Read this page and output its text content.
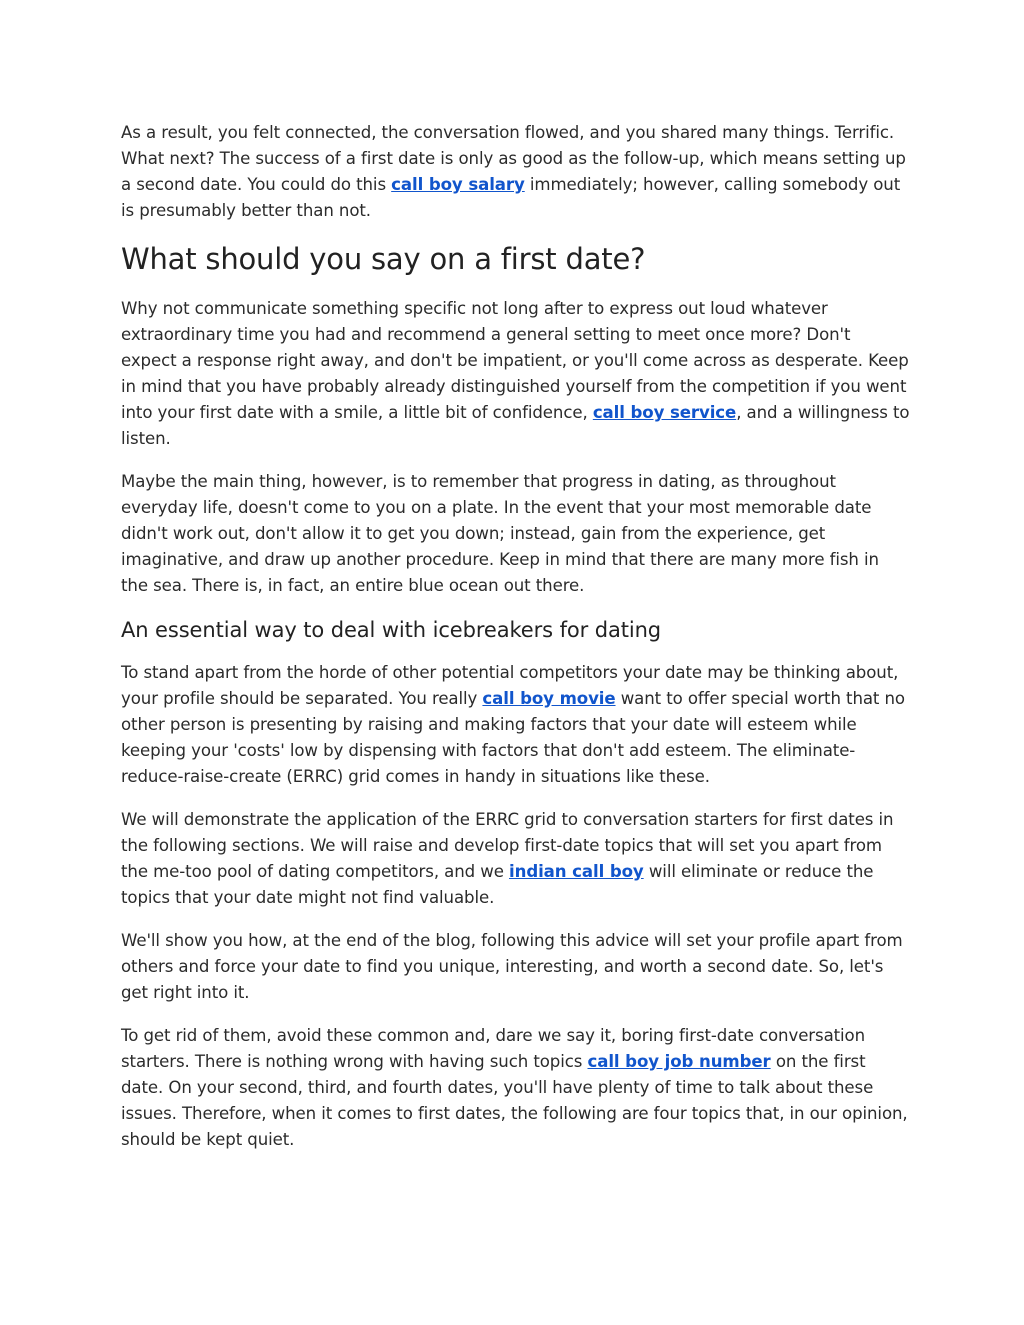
As a result, you felt connected, the conversation flowed, and you shared many things. Terrific. What next? The success of a first date is only as good as the follow-up, which means setting up a second date. You could do this call boy salary immediately; however, calling somebody out is presumably better than not.

What should you say on a first date?

Why not communicate something specific not long after to express out loud whatever extraordinary time you had and recommend a general setting to meet once more? Don't expect a response right away, and don't be impatient, or you'll come across as desperate. Keep in mind that you have probably already distinguished yourself from the competition if you went into your first date with a smile, a little bit of confidence, call boy service, and a willingness to listen.

Maybe the main thing, however, is to remember that progress in dating, as throughout everyday life, doesn't come to you on a plate. In the event that your most memorable date didn't work out, don't allow it to get you down; instead, gain from the experience, get imaginative, and draw up another procedure. Keep in mind that there are many more fish in the sea. There is, in fact, an entire blue ocean out there.

An essential way to deal with icebreakers for dating

To stand apart from the horde of other potential competitors your date may be thinking about, your profile should be separated. You really call boy movie want to offer special worth that no other person is presenting by raising and making factors that your date will esteem while keeping your 'costs' low by dispensing with factors that don't add esteem. The eliminate-reduce-raise-create (ERRC) grid comes in handy in situations like these.

We will demonstrate the application of the ERRC grid to conversation starters for first dates in the following sections. We will raise and develop first-date topics that will set you apart from the me-too pool of dating competitors, and we indian call boy will eliminate or reduce the topics that your date might not find valuable.

We'll show you how, at the end of the blog, following this advice will set your profile apart from others and force your date to find you unique, interesting, and worth a second date. So, let's get right into it.

To get rid of them, avoid these common and, dare we say it, boring first-date conversation starters. There is nothing wrong with having such topics call boy job number on the first date. On your second, third, and fourth dates, you'll have plenty of time to talk about these issues. Therefore, when it comes to first dates, the following are four topics that, in our opinion, should be kept quiet.
